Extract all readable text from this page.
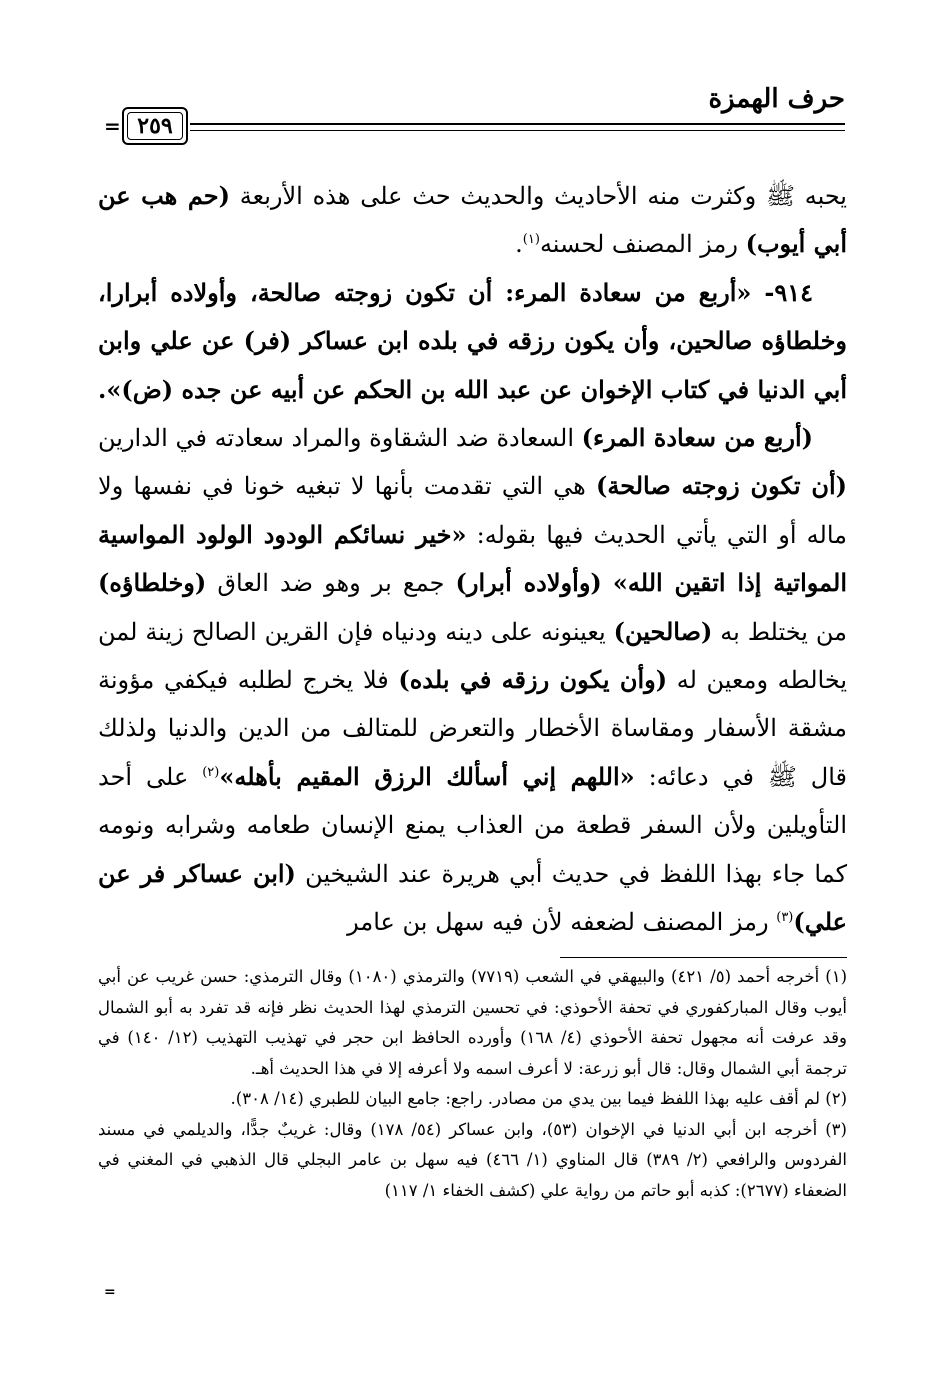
حرف الهمزة
٢٥٩
=

يحبه ﷺ وكثرت منه الأحاديث والحديث حث على هذه الأربعة (حم هب عن أبي أيوب) رمز المصنف لحسنه$^{(١)}$.

٩١٤- «أربع من سعادة المرء: أن تكون زوجته صالحة، وأولاده أبرارا، وخلطاؤه صالحين، وأن يكون رزقه في بلده ابن عساكر (فر) عن علي وابن أبي الدنيا في كتاب الإخوان عن عبد الله بن الحكم عن أبيه عن جده (ض)».

(أربع من سعادة المرء) السعادة ضد الشقاوة والمراد سعادته في الدارين (أن تكون زوجته صالحة) هي التي تقدمت بأنها لا تبغيه خونا في نفسها ولا ماله أو التي يأتي الحديث فيها بقوله: «خير نسائكم الودود الولود المواسية المواتية إذا اتقين الله» (وأولاده أبرار) جمع بر وهو ضد العاق (وخلطاؤه) من يختلط به (صالحين) يعينونه على دينه ودنياه فإن القرين الصالح زينة لمن يخالطه ومعين له (وأن يكون رزقه في بلده) فلا يخرج لطلبه فيكفي مؤونة مشقة الأسفار ومقاساة الأخطار والتعرض للمتالف من الدين والدنيا ولذلك قال ﷺ في دعائه: «اللهم إني أسألك الرزق المقيم بأهله»$^{(٢)}$ على أحد التأويلين ولأن السفر قطعة من العذاب يمنع الإنسان طعامه وشرابه ونومه كما جاء بهذا اللفظ في حديث أبي هريرة عند الشيخين (ابن عساكر فر عن علي)$^{(٣)}$ رمز المصنف لضعفه لأن فيه سهل بن عامر

(١) أخرجه أحمد (٥/ ٤٢١) والبيهقي في الشعب (٧٧١٩) والترمذي (١٠٨٠) وقال الترمذي: حسن غريب عن أبي أيوب وقال المباركفوري في تحفة الأحوذي: في تحسين الترمذي لهذا الحديث نظر فإنه قد تفرد به أبو الشمال وقد عرفت أنه مجهول تحفة الأحوذي (٤/ ١٦٨) وأورده الحافظ ابن حجر في تهذيب التهذيب (١٢/ ١٤٠) في ترجمة أبي الشمال وقال: قال أبو زرعة: لا أعرف اسمه ولا أعرفه إلا في هذا الحديث أهـ.

(٢) لم أقف عليه بهذا اللفظ فيما بين يدي من مصادر. راجع: جامع البيان للطبري (١٤/ ٣٠٨).

(٣) أخرجه ابن أبي الدنيا في الإخوان (٥٣)، وابن عساكر (٥٤/ ١٧٨) وقال: غريبٌ جدًّا، والديلمي في مسند الفردوس والرافعي (٢/ ٣٨٩) قال المناوي (١/ ٤٦٦) فيه سهل بن عامر البجلي قال الذهبي في المغني في الضعفاء (٢٦٧٧): كذبه أبو حاتم من رواية علي (كشف الخفاء ١/ ١١٧)

=
